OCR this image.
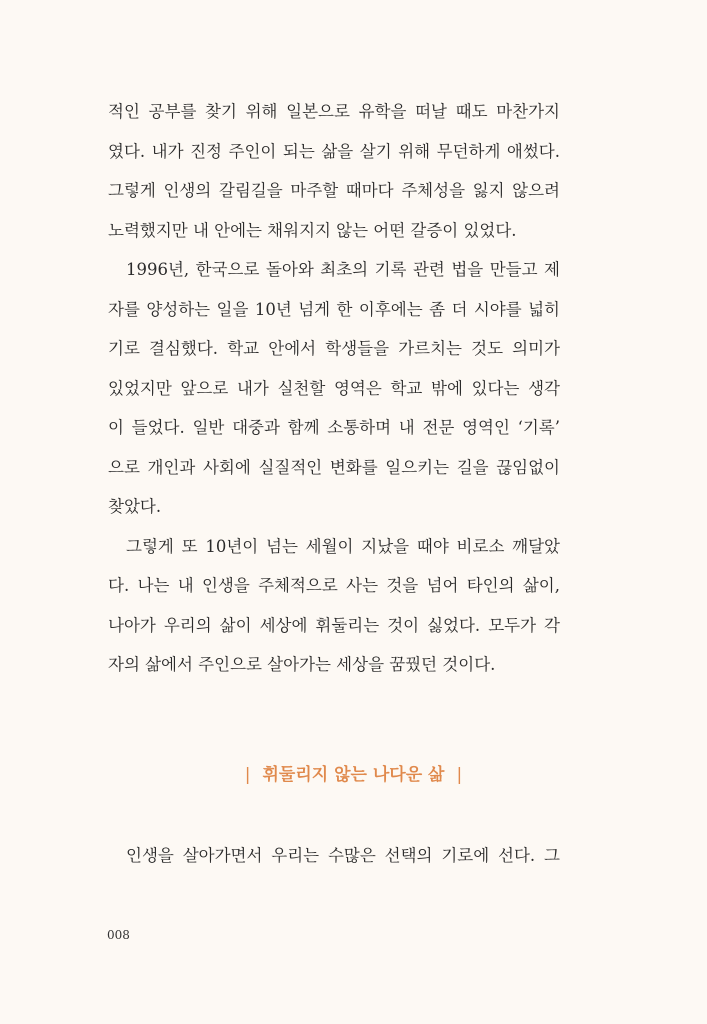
적인 공부를 찾기 위해 일본으로 유학을 떠날 때도 마찬가지
였다. 내가 진정 주인이 되는 삶을 살기 위해 무던하게 애썼다.
그렇게 인생의 갈림길을 마주할 때마다 주체성을 잃지 않으려
노력했지만 내 안에는 채워지지 않는 어떤 갈증이 있었다.
1996년, 한국으로 돌아와 최초의 기록 관련 법을 만들고 제
자를 양성하는 일을 10년 넘게 한 이후에는 좀 더 시야를 넓히
기로 결심했다. 학교 안에서 학생들을 가르치는 것도 의미가
있었지만 앞으로 내가 실천할 영역은 학교 밖에 있다는 생각
이 들었다. 일반 대중과 함께 소통하며 내 전문 영역인 ‘기록’
으로 개인과 사회에 실질적인 변화를 일으키는 길을 끊임없이
찾았다.
그렇게 또 10년이 넘는 세월이 지났을 때야 비로소 깨달았
다. 나는 내 인생을 주체적으로 사는 것을 넘어 타인의 삶이,
나아가 우리의 삶이 세상에 휘둘리는 것이 싫었다. 모두가 각
자의 삶에서 주인으로 살아가는 세상을 꿈꿨던 것이다.
| 휘둘리지 않는 나다운 삶 |
인생을 살아가면서 우리는 수많은 선택의 기로에 선다. 그
008
